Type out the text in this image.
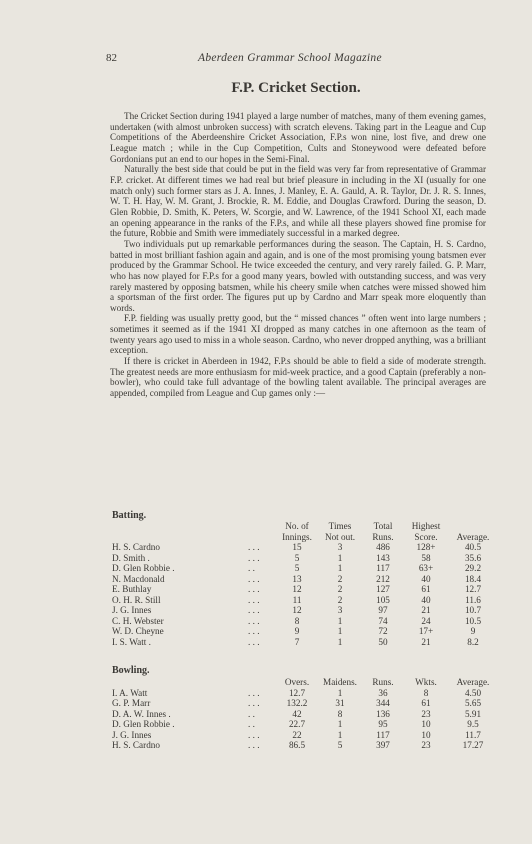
82	Aberdeen Grammar School Magazine
F.P. Cricket Section.

The Cricket Section during 1941 played a large number of matches, many of them evening games, undertaken (with almost unbroken success) with scratch elevens. Taking part in the League and Cup Competitions of the Aberdeenshire Cricket Association, F.P.s won nine, lost five, and drew one League match ; while in the Cup Competition, Cults and Stoneywood were defeated before Gordonians put an end to our hopes in the Semi-Final.

Naturally the best side that could be put in the field was very far from representative of Grammar F.P. cricket. At different times we had real but brief pleasure in including in the XI (usually for one match only) such former stars as J. A. Innes, J. Manley, E. A. Gauld, A. R. Taylor, Dr. J. R. S. Innes, W. T. H. Hay, W. M. Grant, J. Brockie, R. M. Eddie, and Douglas Crawford. During the season, D. Glen Robbie, D. Smith, K. Peters, W. Scorgie, and W. Lawrence, of the 1941 School XI, each made an opening appearance in the ranks of the F.P.s, and while all these players showed fine promise for the future, Robbie and Smith were immediately successful in a marked degree.

Two individuals put up remarkable performances during the season. The Captain, H. S. Cardno, batted in most brilliant fashion again and again, and is one of the most promising young batsmen ever produced by the Grammar School. He twice exceeded the century, and very rarely failed. G. P. Marr, who has now played for F.P.s for a good many years, bowled with outstanding success, and was very rarely mastered by opposing batsmen, while his cheery smile when catches were missed showed him a sportsman of the first order. The figures put up by Cardno and Marr speak more eloquently than words.

F.P. fielding was usually pretty good, but the “ missed chances ” often went into large numbers ; sometimes it seemed as if the 1941 XI dropped as many catches in one afternoon as the team of twenty years ago used to miss in a whole season. Cardno, who never dropped anything, was a brilliant exception.

If there is cricket in Aberdeen in 1942, F.P.s should be able to field a side of moderate strength. The greatest needs are more enthusiasm for mid-week practice, and a good Captain (preferably a non-bowler), who could take full advantage of the bowling talent available. The principal averages are appended, compiled from League and Cup games only :—

Batting.
		No. of	Times	Total	Highest	
		Innings.	Not out.	Runs.	Score.	Average.
H. S. Cardno	. . .	15	3	486	128+	40.5
D. Smith .	. . .	5	1	143	58	35.6
D. Glen Robbie .	. .	5	1	117	63+	29.2
N. Macdonald	. . .	13	2	212	40	18.4
E. Buthlay	. . .	12	2	127	61	12.7
O. H. R. Still	. . .	11	2	105	40	11.6
J. G. Innes	. . .	12	3	97	21	10.7
C. H. Webster	. . .	8	1	74	24	10.5
W. D. Cheyne	. . .	9	1	72	17+	9
I. S. Watt .	. . .	7	1	50	21	8.2
Bowling.
		Overs.	Maidens.	Runs.	Wkts.	Average.
I. A. Watt	. . .	12.7	1	36	8	4.50
G. P. Marr	. . .	132.2	31	344	61	5.65
D. A. W. Innes .	. .	42	8	136	23	5.91
D. Glen Robbie .	. .	22.7	1	95	10	9.5
J. G. Innes	. . .	22	1	117	10	11.7
H. S. Cardno	. . .	86.5	5	397	23	17.27
